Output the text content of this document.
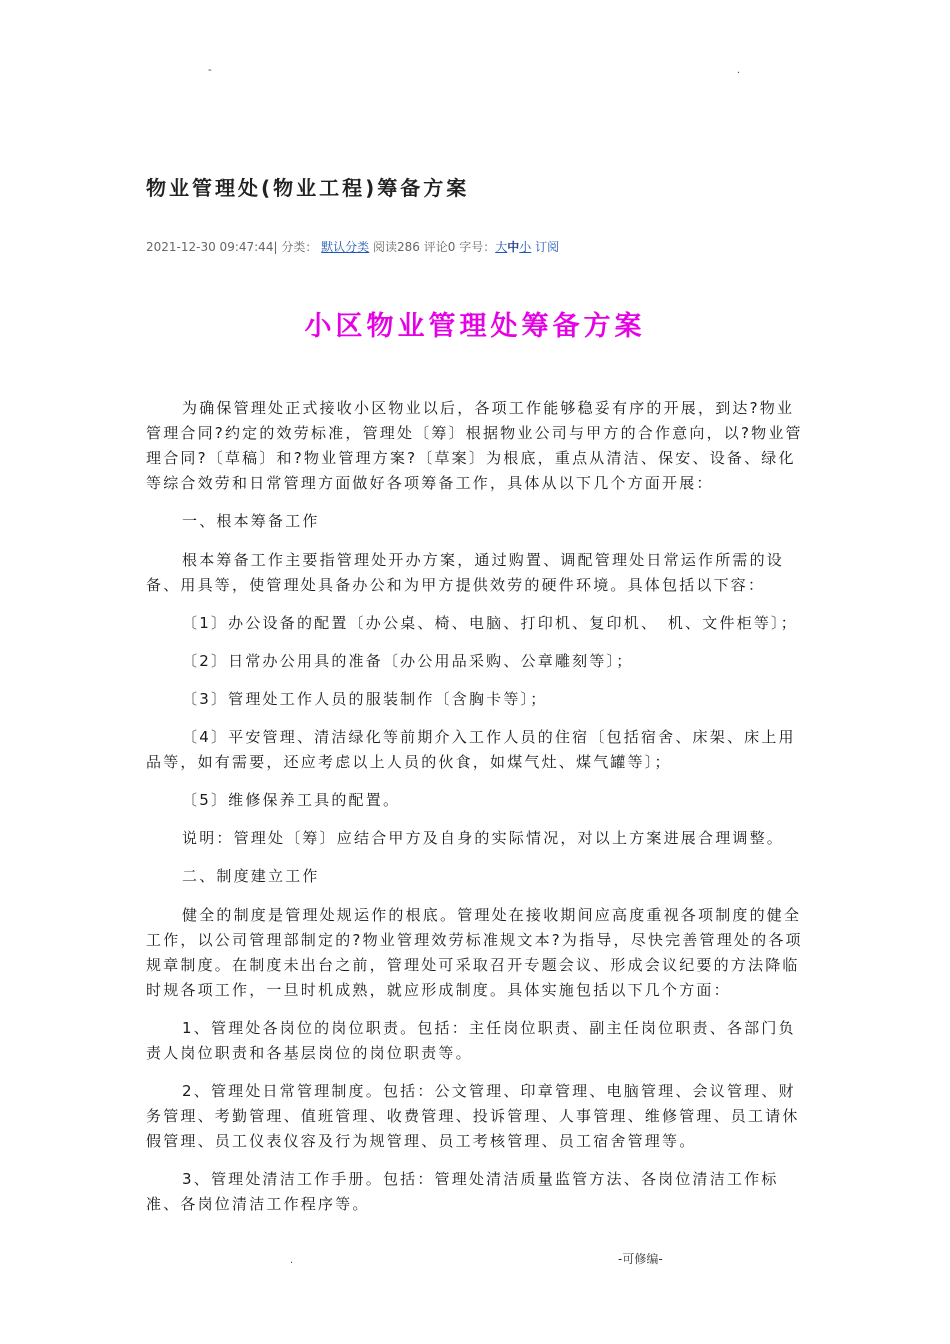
-	.
物业管理处(物业工程)筹备方案
2021-12-30 09:47:44| 分类： 默认分类 阅读286 评论0 字号：大中小 订阅
小区物业管理处筹备方案

为确保管理处正式接收小区物业以后，各项工作能够稳妥有序的开展，到达?物业管理合同?约定的效劳标准，管理处〔筹〕根据物业公司与甲方的合作意向，以?物业管理合同?〔草稿〕和?物业管理方案?〔草案〕为根底，重点从清洁、保安、设备、绿化等综合效劳和日常管理方面做好各项筹备工作，具体从以下几个方面开展：

一、根本筹备工作

根本筹备工作主要指管理处开办方案，通过购置、调配管理处日常运作所需的设备、用具等，使管理处具备办公和为甲方提供效劳的硬件环境。具体包括以下容：

〔1〕办公设备的配置〔办公桌、椅、电脑、打印机、复印机、　机、文件柜等〕；

〔2〕日常办公用具的准备〔办公用品采购、公章雕刻等〕；

〔3〕管理处工作人员的服装制作〔含胸卡等〕；

〔4〕平安管理、清洁绿化等前期介入工作人员的住宿〔包括宿舍、床架、床上用品等，如有需要，还应考虑以上人员的伙食，如煤气灶、煤气罐等〕；

〔5〕维修保养工具的配置。

说明：管理处〔筹〕应结合甲方及自身的实际情况，对以上方案进展合理调整。

二、制度建立工作

健全的制度是管理处规运作的根底。管理处在接收期间应高度重视各项制度的健全工作，以公司管理部制定的?物业管理效劳标准规文本?为指导，尽快完善管理处的各项规章制度。在制度未出台之前，管理处可采取召开专题会议、形成会议纪要的方法降临时规各项工作，一旦时机成熟，就应形成制度。具体实施包括以下几个方面：

1、管理处各岗位的岗位职责。包括：主任岗位职责、副主任岗位职责、各部门负责人岗位职责和各基层岗位的岗位职责等。

2、管理处日常管理制度。包括：公文管理、印章管理、电脑管理、会议管理、财务管理、考勤管理、值班管理、收费管理、投诉管理、人事管理、维修管理、员工请休假管理、员工仪表仪容及行为规管理、员工考核管理、员工宿舍管理等。

3、管理处清洁工作手册。包括：管理处清洁质量监管方法、各岗位清洁工作标准、各岗位清洁工作程序等。

.	-可修编-
